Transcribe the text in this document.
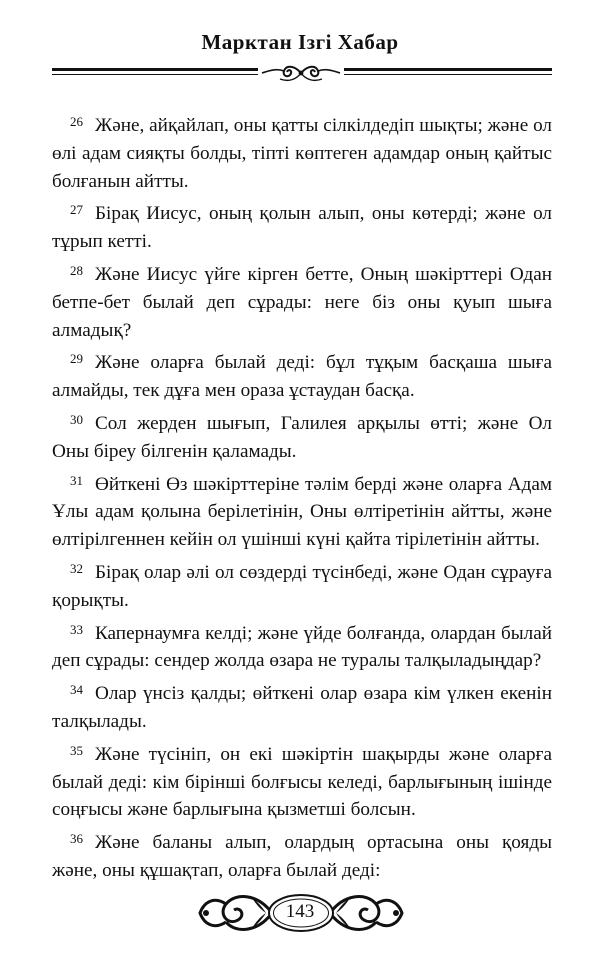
Марктан Ізгі Хабар

$^{26}$ Және, айқайлап, оны қатты сілкілдедіп шықты; және ол өлі адам сияқты болды, тіпті көптеген адамдар оның қайтыс болғанын айтты.

$^{27}$ Бірақ Иисус, оның қолын алып, оны көтерді; және ол тұрып кетті.

$^{28}$ Және Иисус үйге кірген бетте, Оның шәкірттері Одан бетпе-бет былай деп сұрады: неге біз оны қуып шыға алмадық?

$^{29}$ Және оларға былай деді: бұл тұқым басқаша шыға алмайды, тек дұға мен ораза ұстаудан басқа.

$^{30}$ Сол жерден шығып, Галилея арқылы өтті; және Ол Оны біреу білгенін қаламады.

$^{31}$ Өйткені Өз шәкірттеріне тәлім берді және оларға Адам Ұлы адам қолына берілетінін, Оны өлтіретінін айтты, және өлтірілгеннен кейін ол үшінші күні қайта тірілетінін айтты.

$^{32}$ Бірақ олар әлі ол сөздерді түсінбеді, және Одан сұрауға қорықты.

$^{33}$ Капернаумға келді; және үйде болғанда, олардан былай деп сұрады: сендер жолда өзара не туралы талқыладыңдар?

$^{34}$ Олар үнсіз қалды; өйткені олар өзара кім үлкен екенін талқылады.

$^{35}$ Және түсініп, он екі шәкіртін шақырды және оларға былай деді: кім бірінші болғысы келеді, барлығының ішінде соңғысы және барлығына қызметші болсын.

$^{36}$ Және баланы алып, олардың ортасына оны қояды және, оны құшақтап, оларға былай деді:

143
